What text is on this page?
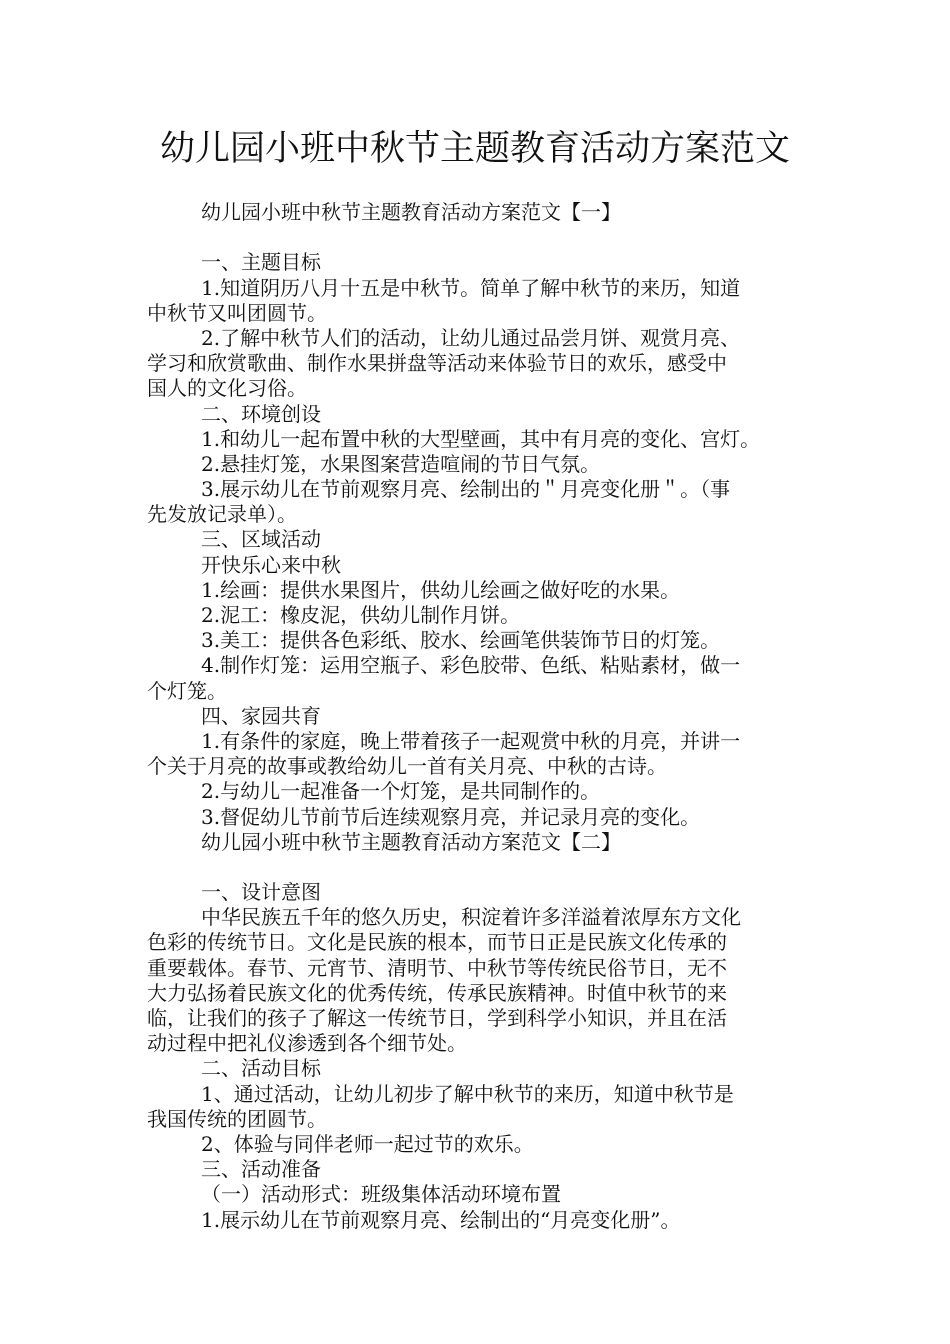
幼儿园小班中秋节主题教育活动方案范文
幼儿园小班中秋节主题教育活动方案范文【一】
一、主题目标
1.知道阴历八月十五是中秋节。简单了解中秋节的来历，知道
中秋节又叫团圆节。
2.了解中秋节人们的活动，让幼儿通过品尝月饼、观赏月亮、
学习和欣赏歌曲、制作水果拼盘等活动来体验节日的欢乐，感受中
国人的文化习俗。
二、环境创设
1.和幼儿一起布置中秋的大型壁画，其中有月亮的变化、宫灯。
2.悬挂灯笼，水果图案营造喧闹的节日气氛。
3.展示幼儿在节前观察月亮、绘制出的＂月亮变化册＂。（事
先发放记录单）。
三、区域活动
开快乐心来中秋
1.绘画：提供水果图片，供幼儿绘画之做好吃的水果。
2.泥工：橡皮泥，供幼儿制作月饼。
3.美工：提供各色彩纸、胶水、绘画笔供装饰节日的灯笼。
4.制作灯笼：运用空瓶子、彩色胶带、色纸、粘贴素材，做一
个灯笼。
四、家园共育
1.有条件的家庭，晚上带着孩子一起观赏中秋的月亮，并讲一
个关于月亮的故事或教给幼儿一首有关月亮、中秋的古诗。
2.与幼儿一起准备一个灯笼，是共同制作的。
3.督促幼儿节前节后连续观察月亮，并记录月亮的变化。
幼儿园小班中秋节主题教育活动方案范文【二】
一、设计意图
中华民族五千年的悠久历史，积淀着许多洋溢着浓厚东方文化
色彩的传统节日。文化是民族的根本，而节日正是民族文化传承的
重要载体。春节、元宵节、清明节、中秋节等传统民俗节日，无不
大力弘扬着民族文化的优秀传统，传承民族精神。时值中秋节的来
临，让我们的孩子了解这一传统节日，学到科学小知识，并且在活
动过程中把礼仪渗透到各个细节处。
二、活动目标
1、通过活动，让幼儿初步了解中秋节的来历，知道中秋节是
我国传统的团圆节。
2、体验与同伴老师一起过节的欢乐。
三、活动准备
（一）活动形式：班级集体活动环境布置
1.展示幼儿在节前观察月亮、绘制出的“月亮变化册”。
